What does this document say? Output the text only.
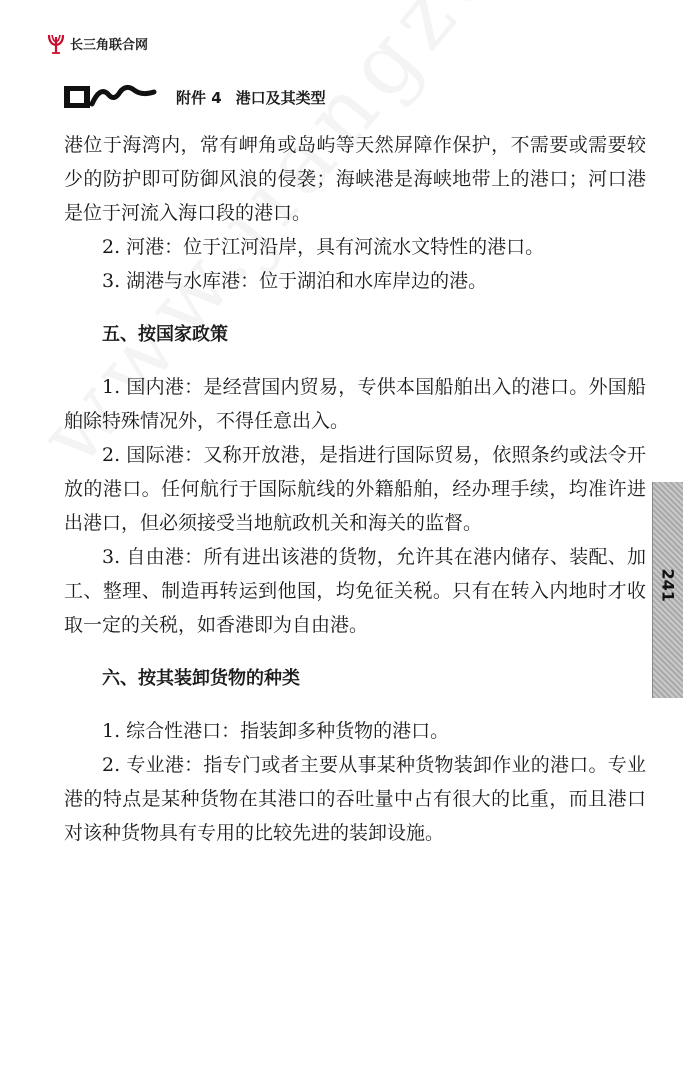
长三角联合网
附件 4 港口及其类型

港位于海湾内，常有岬角或岛屿等天然屏障作保护，不需要或需要较少的防护即可防御风浪的侵袭；海峡港是海峡地带上的港口；河口港是位于河流入海口段的港口。

2. 河港：位于江河沿岸，具有河流水文特性的港口。

3. 湖港与水库港：位于湖泊和水库岸边的港。

五、按国家政策

1. 国内港：是经营国内贸易，专供本国船舶出入的港口。外国船舶除特殊情况外，不得任意出入。

2. 国际港：又称开放港，是指进行国际贸易，依照条约或法令开放的港口。任何航行于国际航线的外籍船舶，经办理手续，均准许进出港口，但必须接受当地航政机关和海关的监督。

3. 自由港：所有进出该港的货物，允许其在港内储存、装配、加工、整理、制造再转运到他国，均免征关税。只有在转入内地时才收取一定的关税，如香港即为自由港。

六、按其装卸货物的种类

1. 综合性港口：指装卸多种货物的港口。

2. 专业港：指专门或者主要从事某种货物装卸作业的港口。专业港的特点是某种货物在其港口的吞吐量中占有很大的比重，而且港口对该种货物具有专用的比较先进的装卸设施。

241
